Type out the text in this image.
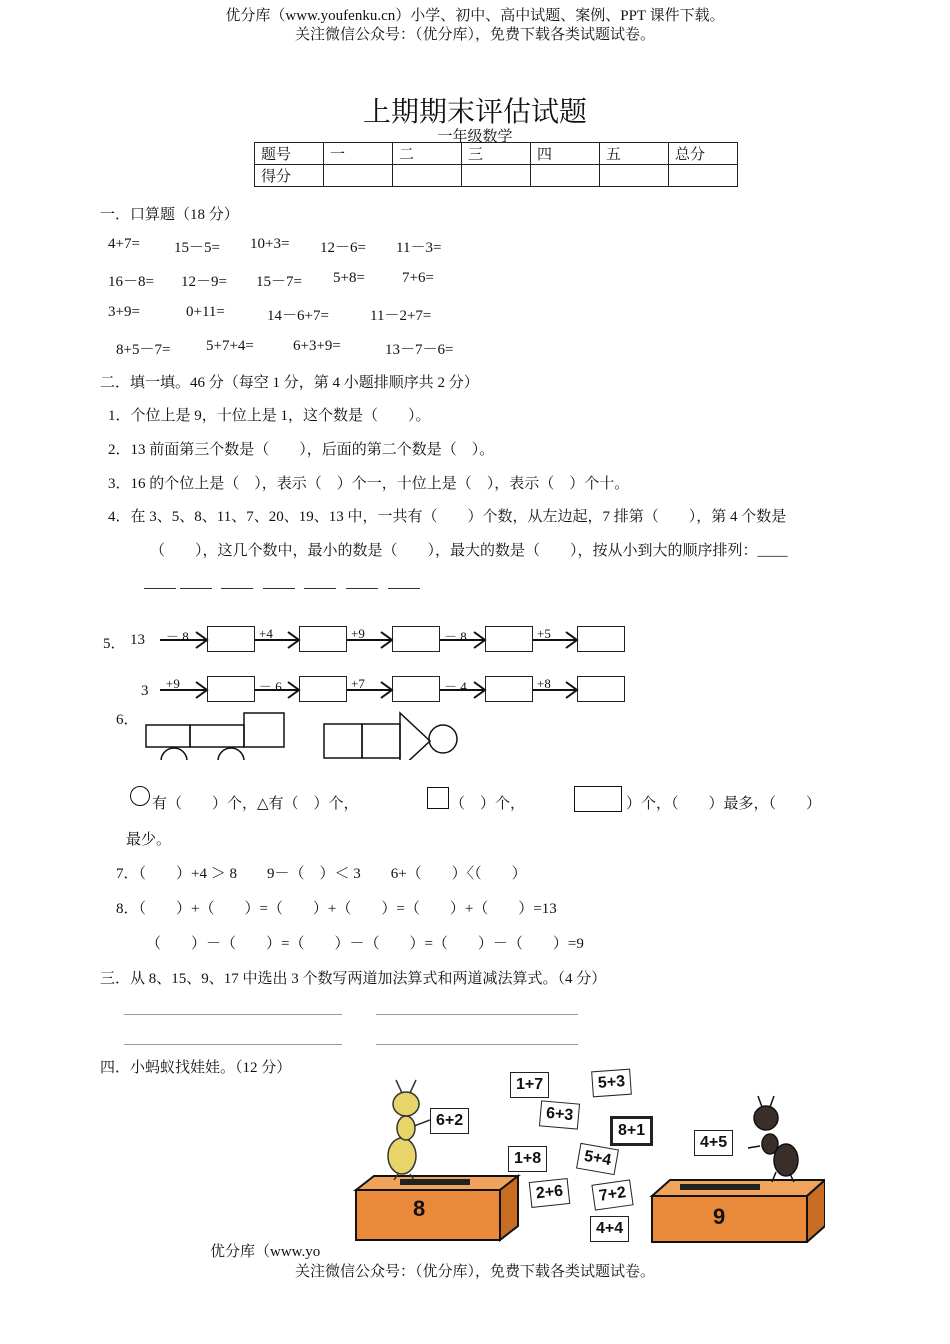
优分库（www.youfenku.cn）小学、初中、高中试题、案例、PPT 课件下载。
关注微信公众号：（优分库），免费下载各类试题试卷。
上期期末评估试题
一年级数学
题号	一	二	三	四	五	总分
得分						
一．口算题（18 分）
4+7= 15－5= 10+3= 12－6= 11－3=
16－8= 12－9= 15－7= 5+8= 7+6=
3+9=	0+11=	14－6+7=	11－2+7=
8+5－7= 5+7+4=	6+3+9=	13－7－6=
二．填一填。46 分（每空 1 分，第 4 小题排顺序共 2 分）
1．个位上是 9，十位上是 1，这个数是（　　）。
2．13 前面第三个数是（　　），后面的第二个数是（　）。
3．16 的个位上是（　），表示（　）个一，十位上是（　），表示（　）个十。
4．在 3、5、8、11、7、20、19、13 中，一共有（　　）个数，从左边起，7 排第（　　），第 4 个数是
（　　），这几个数中，最小的数是（　　），最大的数是（　　），按从小到大的顺序排列：____
5． 13
3
－ 8	+4	+9	－ 8	+5
+9	－ 6	+7	－ 4	+8
6．
有（　　）个，△有（　）个，	（　）个，	）个，（　　）最多，（　　）
最少。
7．（　　）+4 ＞ 8　　9－（　）＜ 3　　6+（　　）〈（　　）
8．（　　）+（　　）=（　　）+（　　）=（　　）+（　　）=13
（　　）－（　　）=（　　）－（　　）=（　　）－（　　）=9
三．从 8、15、9、17 中选出 3 个数写两道加法算式和两道减法算式。（4 分）
四．小蚂蚁找娃娃。（12 分）
8	9
1+7	5+3
6+3
8+1
1+8	5+4
2+6	7+2
4+4
6+2
4+5
优分库（www.yo
关注微信公众号：（优分库），免费下载各类试题试卷。
